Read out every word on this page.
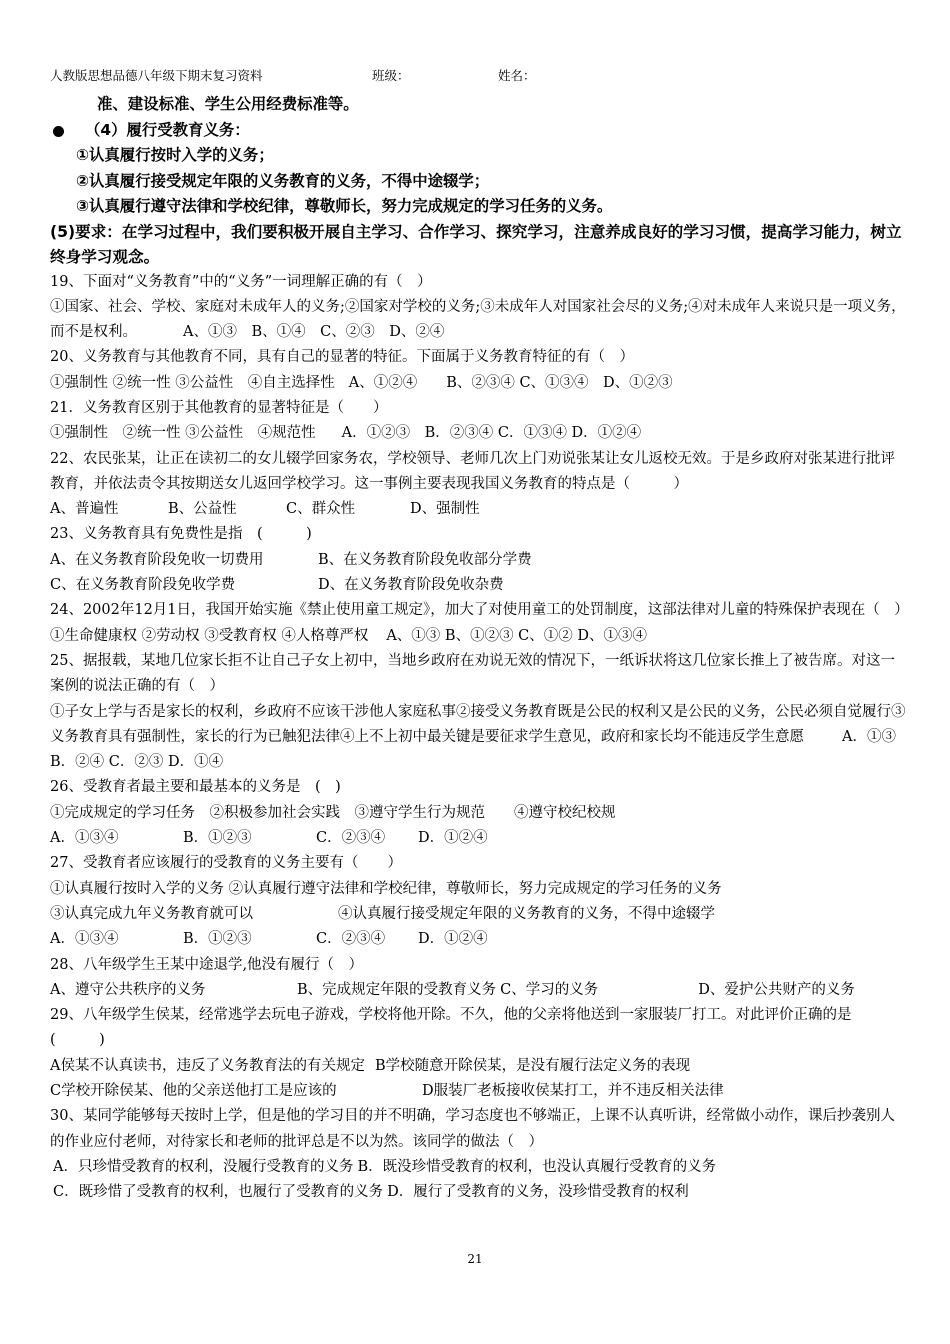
人教版思想品德八年级下期末复习资料	班级：	姓名：
准、建设标准、学生公用经费标准等。
（4）履行受教育义务：
①认真履行按时入学的义务；
②认真履行接受规定年限的义务教育的义务，不得中途辍学；
③认真履行遵守法律和学校纪律，尊敬师长，努力完成规定的学习任务的义务。
(5)要求：在学习过程中，我们要积极开展自主学习、合作学习、探究学习，注意养成良好的学习习惯，提高学习能力，树立终身学习观念。
19、下面对“义务教育”中的“义务”一词理解正确的有（　）
①国家、社会、学校、家庭对未成年人的义务;②国家对学校的义务;③未成年人对国家社会尽的义务;④对未成年人来说只是一项义务，而不是权利。	A、①③　B、①④　C、②③　D、②④
20、义务教育与其他教育不同，具有自己的显著的特征。下面属于义务教育特征的有（　）
①强制性 ②统一性 ③公益性　④自主选择性 A、①②④　　B、②③④ C、①③④　D、①②③
21．义务教育区别于其他教育的显著特征是（　　）
①强制性　②统一性 ③公益性　④规范性 A．①②③　B．②③④ C．①③④ D．①②④
22、农民张某，让正在读初二的女儿辍学回家务农，学校领导、老师几次上门劝说张某让女儿返校无效。于是乡政府对张某进行批评教育，并依法责令其按期送女儿返回学校学习。这一事例主要表现我国义务教育的特点是（　　　）
A、普遍性	B、公益性	C、群众性	D、强制性
23、义务教育具有免费性是指　(　　　)
A、在义务教育阶段免收一切费用	B、在义务教育阶段免收部分学费
C、在义务教育阶段免收学费	D、在义务教育阶段免收杂费
24、2002年12月1日，我国开始实施《禁止使用童工规定》，加大了对使用童工的处罚制度，这部法律对儿童的特殊保护表现在（　）
①生命健康权 ②劳动权 ③受教育权 ④人格尊严权 A、①③ B、①②③ C、①② D、①③④
25、据报载，某地几位家长拒不让自己子女上初中，当地乡政府在劝说无效的情况下，一纸诉状将这几位家长推上了被告席。对这一案例的说法正确的有（　）
①子女上学与否是家长的权利，乡政府不应该干涉他人家庭私事②接受义务教育既是公民的权利又是公民的义务，公民必须自觉履行③义务教育具有强制性，家长的行为已触犯法律④上不上初中最关键是要征求学生意见，政府和家长均不能违反学生意愿	A．①③ B．②④ C．②③ D．①④
26、受教育者最主要和最基本的义务是　(　)
①完成规定的学习任务　②积极参加社会实践　③遵守学生行为规范　　④遵守校纪校规
A．①③④	B．①②③	C．②③④ D．①②④
27、受教育者应该履行的受教育的义务主要有（　　）
①认真履行按时入学的义务 ②认真履行遵守法律和学校纪律，尊敬师长，努力完成规定的学习任务的义务
③认真完成九年义务教育就可以	④认真履行接受规定年限的义务教育的义务，不得中途辍学
A．①③④	B．①②③	C．②③④ D．①②④
28、八年级学生王某中途退学,他没有履行（　）
A、遵守公共秩序的义务	B、完成规定年限的受教育义务 C、学习的义务	D、爱护公共财产的义务
29、八年级学生侯某，经常逃学去玩电子游戏，学校将他开除。不久，他的父亲将他送到一家服装厂打工。对此评价正确的是　　(　　　)
A侯某不认真读书，违反了义务教育法的有关规定 B学校随意开除侯某，是没有履行法定义务的表现
C学校开除侯某、他的父亲送他打工是应该的	D服装厂老板接收侯某打工，并不违反相关法律
30、某同学能够每天按时上学，但是他的学习目的并不明确，学习态度也不够端正，上课不认真听讲，经常做小动作，课后抄袭别人的作业应付老师，对待家长和老师的批评总是不以为然。该同学的做法（　）
A．只珍惜受教育的权利，没履行受教育的义务 B．既没珍惜受教育的权利，也没认真履行受教育的义务
C．既珍惜了受教育的权利，也履行了受教育的义务 D．履行了受教育的义务，没珍惜受教育的权利
21
